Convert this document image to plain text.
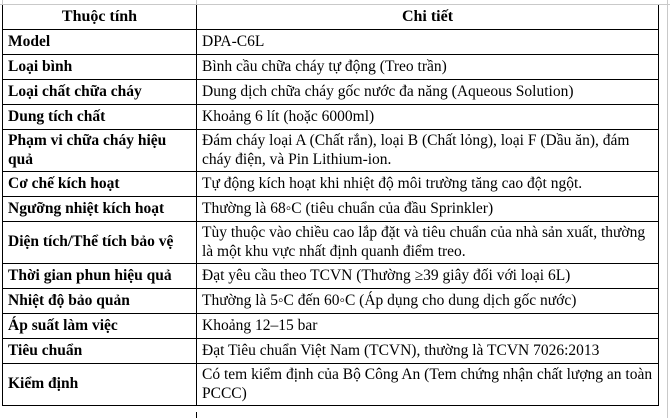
Thuộc tính	Chi tiết
Model	DPA-C6L
Loại bình	Bình cầu chữa cháy tự động (Treo trần)
Loại chất chữa cháy	Dung dịch chữa cháy gốc nước đa năng (Aqueous Solution)
Dung tích chất	Khoảng 6 lít (hoặc 6000ml)
Phạm vi chữa cháy hiệu quả	Đám cháy loại A (Chất rắn), loại B (Chất lỏng), loại F (Dầu ăn), đám cháy điện, và Pin Lithium-ion.
Cơ chế kích hoạt	Tự động kích hoạt khi nhiệt độ môi trường tăng cao đột ngột.
Ngưỡng nhiệt kích hoạt	Thường là 68◦C (tiêu chuẩn của đầu Sprinkler)
Diện tích/Thể tích bảo vệ	Tùy thuộc vào chiều cao lắp đặt và tiêu chuẩn của nhà sản xuất, thường là một khu vực nhất định quanh điểm treo.
Thời gian phun hiệu quả	Đạt yêu cầu theo TCVN (Thường ≥39 giây đối với loại 6L)
Nhiệt độ bảo quản	Thường là 5◦C đến 60◦C (Áp dụng cho dung dịch gốc nước)
Áp suất làm việc	Khoảng 12–15 bar
Tiêu chuẩn	Đạt Tiêu chuẩn Việt Nam (TCVN), thường là TCVN 7026:2013
Kiểm định	Có tem kiểm định của Bộ Công An (Tem chứng nhận chất lượng an toàn PCCC)
